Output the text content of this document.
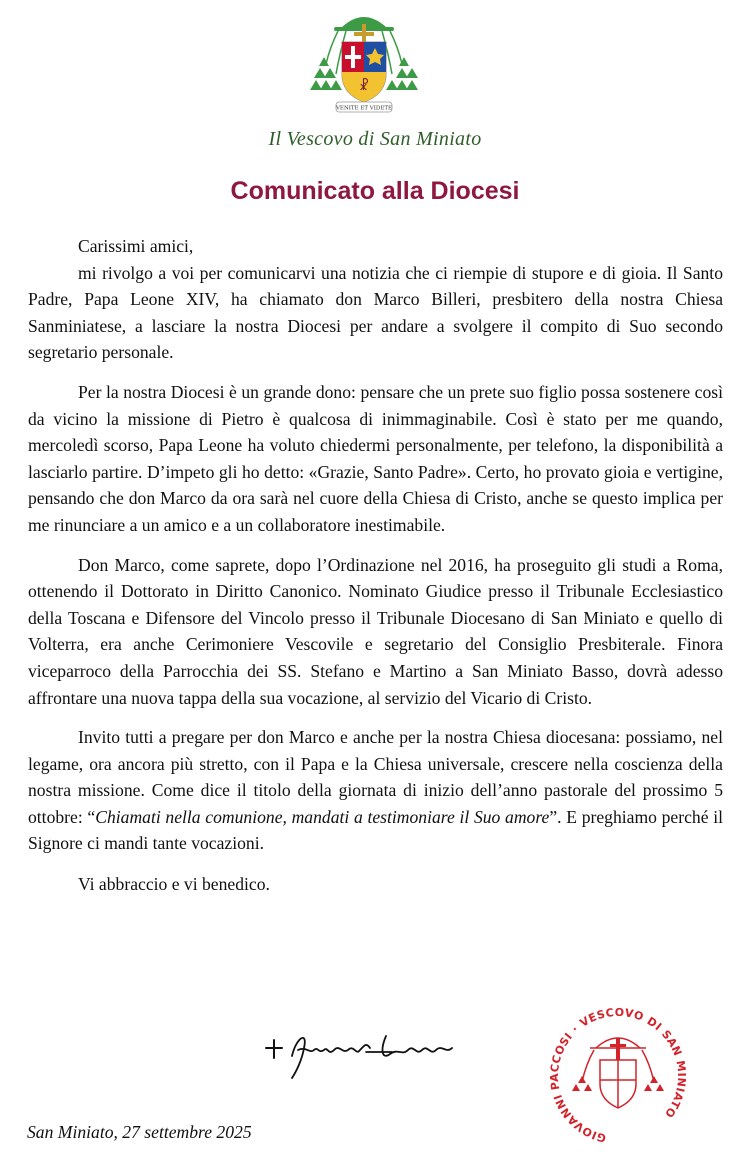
☧
VENITE ET VIDETE
Il Vescovo di San Miniato
Comunicato alla Diocesi

Carissimi amici,

mi rivolgo a voi per comunicarvi una notizia che ci riempie di stupore e di gioia. Il Santo Padre, Papa Leone XIV, ha chiamato don Marco Billeri, presbitero della nostra Chiesa Sanminiatese, a lasciare la nostra Diocesi per andare a svolgere il compito di Suo secondo segretario personale.

Per la nostra Diocesi è un grande dono: pensare che un prete suo figlio possa sostenere così da vicino la missione di Pietro è qualcosa di inimmaginabile. Così è stato per me quando, mercoledì scorso, Papa Leone ha voluto chiedermi personalmente, per telefono, la disponibilità a lasciarlo partire. D’impeto gli ho detto: «Grazie, Santo Padre». Certo, ho provato gioia e vertigine, pensando che don Marco da ora sarà nel cuore della Chiesa di Cristo, anche se questo implica per me rinunciare a un amico e a un collaboratore inestimabile.

Don Marco, come saprete, dopo l’Ordinazione nel 2016, ha proseguito gli studi a Roma, ottenendo il Dottorato in Diritto Canonico. Nominato Giudice presso il Tribunale Ecclesiastico della Toscana e Difensore del Vincolo presso il Tribunale Diocesano di San Miniato e quello di Volterra, era anche Cerimoniere Vescovile e segretario del Consiglio Presbiterale. Finora viceparroco della Parrocchia dei SS. Stefano e Martino a San Miniato Basso, dovrà adesso affrontare una nuova tappa della sua vocazione, al servizio del Vicario di Cristo.

Invito tutti a pregare per don Marco e anche per la nostra Chiesa diocesana: possiamo, nel legame, ora ancora più stretto, con il Papa e la Chiesa universale, crescere nella coscienza della nostra missione. Come dice il titolo della giornata di inizio dell’anno pastorale del prossimo 5 ottobre: “Chiamati nella comunione, mandati a testimoniare il Suo amore”. E preghiamo perché il Signore ci mandi tante vocazioni.

Vi abbraccio e vi benedico.

GIOVANNI PACCOSI · VESCOVO DI SAN MINIATO
San Miniato, 27 settembre 2025
